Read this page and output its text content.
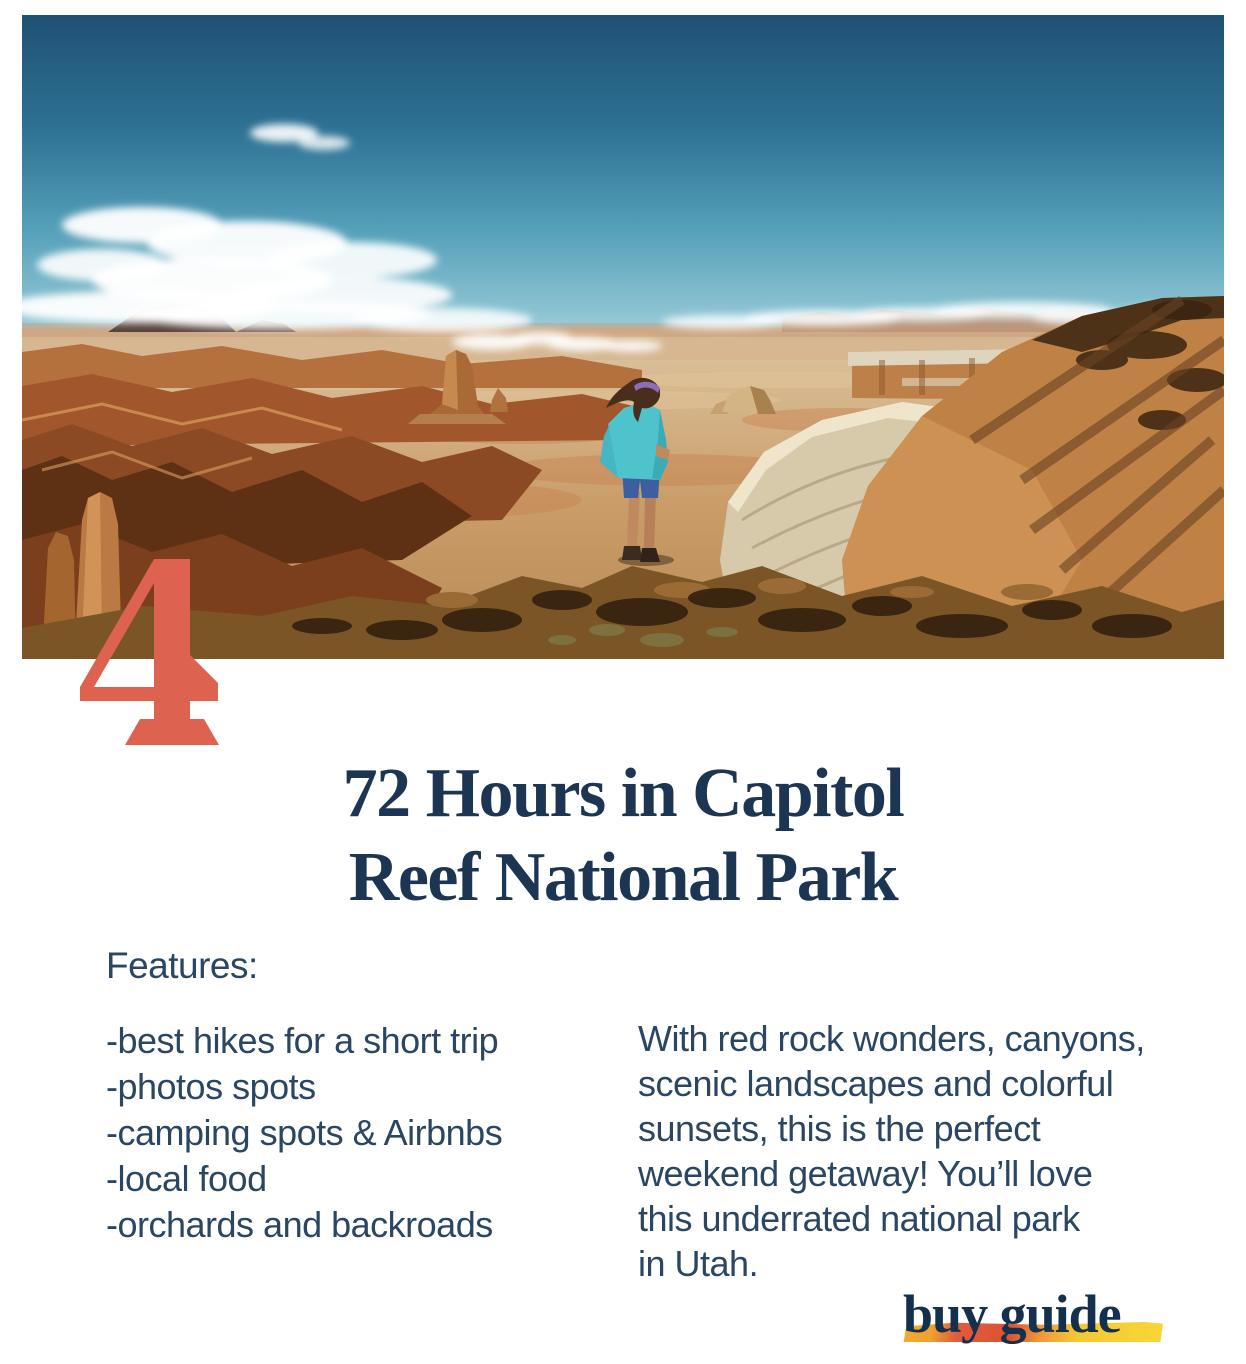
72 Hours in Capitol
Reef National Park

Features:

-best hikes for a short trip
-photos spots
-camping spots & Airbnbs
-local food
-orchards and backroads

With red rock wonders, canyons,
scenic landscapes and colorful
sunsets, this is the perfect
weekend getaway! You’ll love
this underrated national park
in Utah.

buy guide
